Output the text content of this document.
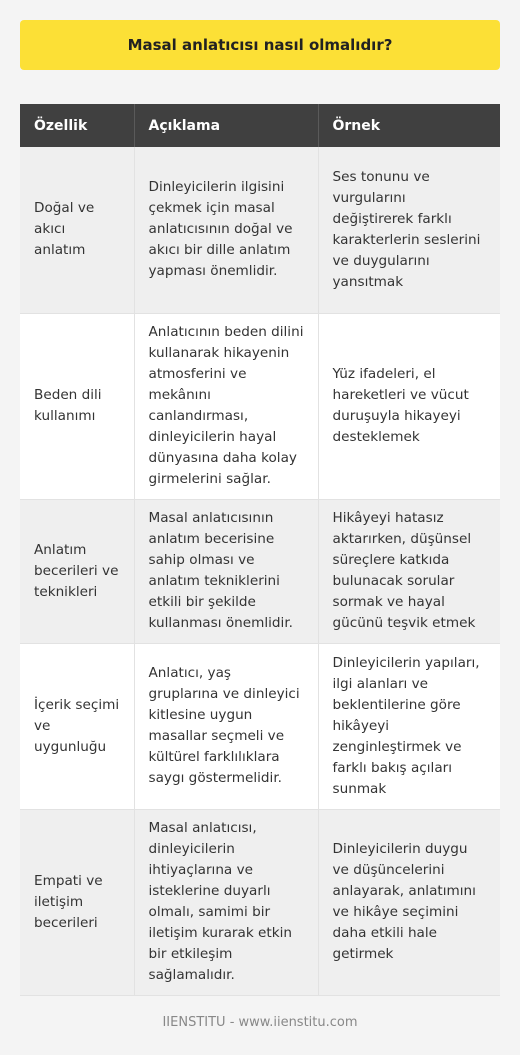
Masal anlatıcısı nasıl olmalıdır?
Özellik	Açıklama	Örnek
Doğal ve akıcı anlatım	Dinleyicilerin ilgisini çekmek için masal anlatıcısının doğal ve akıcı bir dille anlatım yapması önemlidir.	Ses tonunu ve vurgularını değiştirerek farklı karakterlerin seslerini ve duygularını yansıtmak
Beden dili kullanımı	Anlatıcının beden dilini kullanarak hikayenin atmosferini ve mekânını canlandırması, dinleyicilerin hayal dünyasına daha kolay girmelerini sağlar.	Yüz ifadeleri, el hareketleri ve vücut duruşuyla hikayeyi desteklemek
Anlatım becerileri ve teknikleri	Masal anlatıcısının anlatım becerisine sahip olması ve anlatım tekniklerini etkili bir şekilde kullanması önemlidir.	Hikâyeyi hatasız aktarırken, düşünsel süreçlere katkıda bulunacak sorular sormak ve hayal gücünü teşvik etmek
İçerik seçimi ve uygunluğu	Anlatıcı, yaş gruplarına ve dinleyici kitlesine uygun masallar seçmeli ve kültürel farklılıklara saygı göstermelidir.	Dinleyicilerin yapıları, ilgi alanları ve beklentilerine göre hikâyeyi zenginleştirmek ve farklı bakış açıları sunmak
Empati ve iletişim becerileri	Masal anlatıcısı, dinleyicilerin ihtiyaçlarına ve isteklerine duyarlı olmalı, samimi bir iletişim kurarak etkin bir etkileşim sağlamalıdır.	Dinleyicilerin duygu ve düşüncelerini anlayarak, anlatımını ve hikâye seçimini daha etkili hale getirmek
IIENSTITU - www.iienstitu.com
